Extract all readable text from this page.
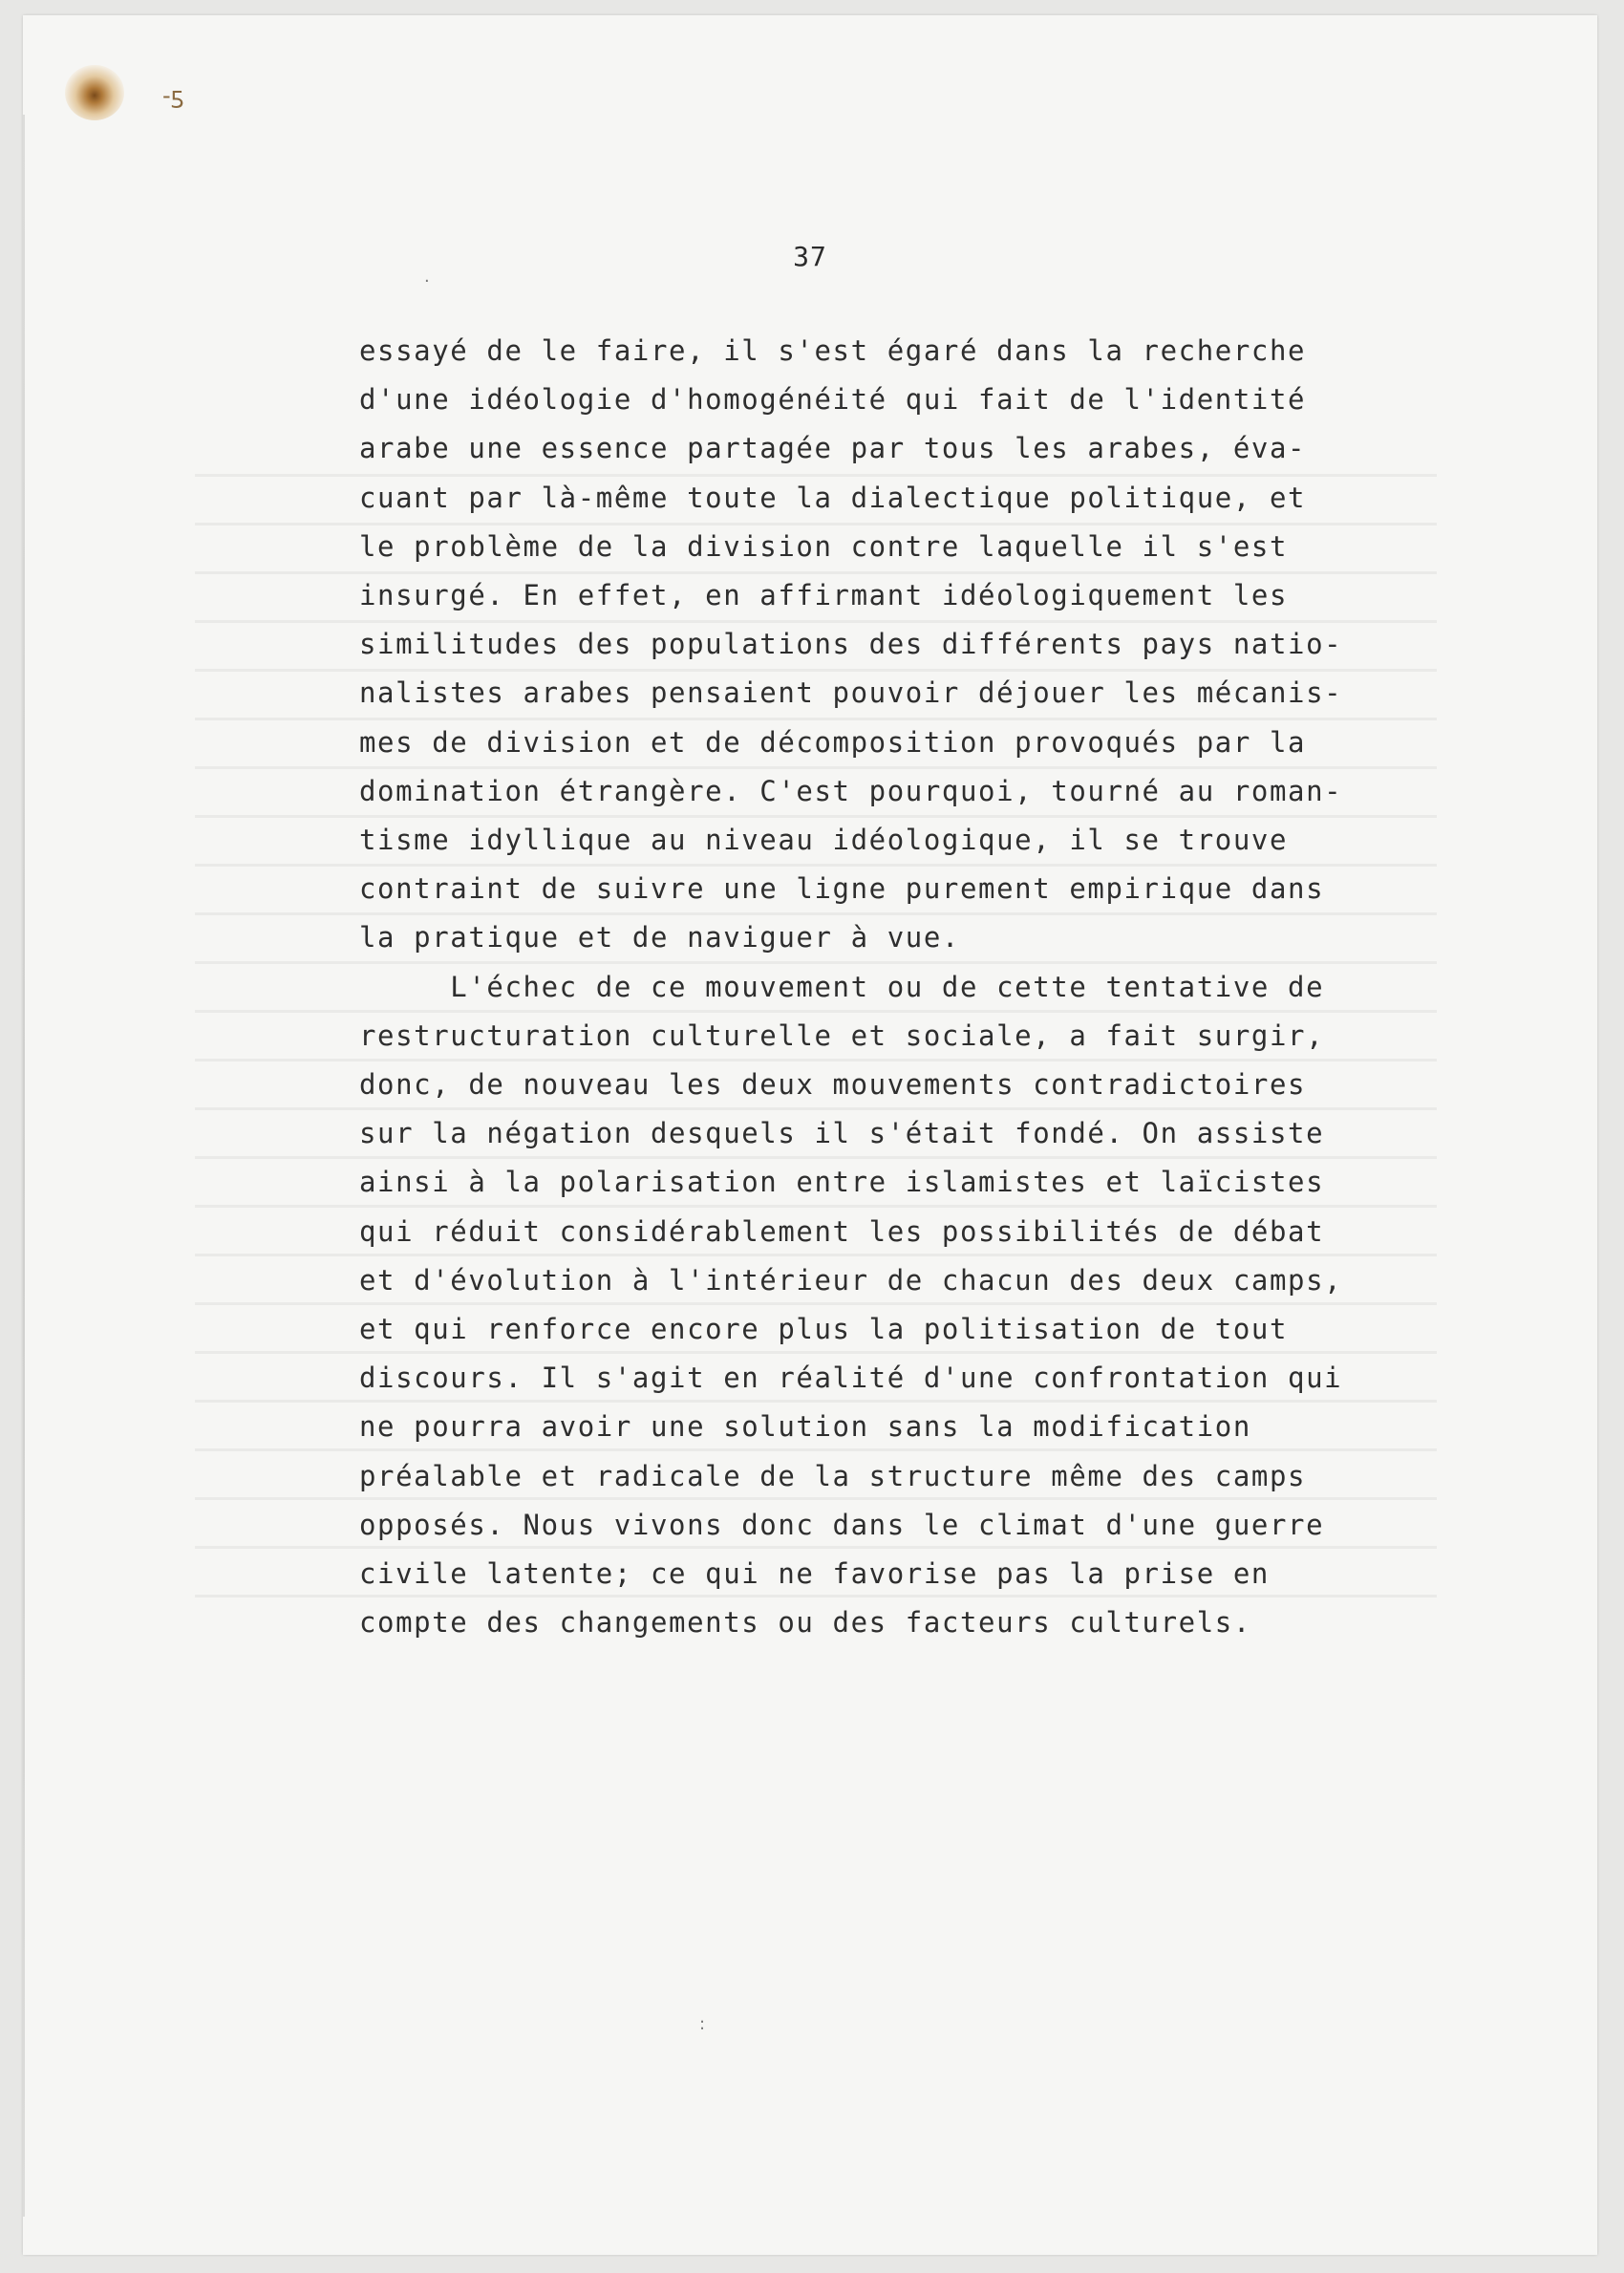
-ƽ
37
essayé de le faire, il s'est égaré dans la recherche
d'une idéologie d'homogénéité qui fait de l'identité
arabe une essence partagée par tous les arabes, éva-
cuant par là-même toute la dialectique politique, et
le problème de la division contre laquelle il s'est
insurgé. En effet, en affirmant idéologiquement les
similitudes des populations des différents pays natio-
nalistes arabes pensaient pouvoir déjouer les mécanis-
mes de division et de décomposition provoqués par la
domination étrangère. C'est pourquoi, tourné au roman-
tisme idyllique au niveau idéologique, il se trouve
contraint de suivre une ligne purement empirique dans
la pratique et de naviguer à vue.
L'échec de ce mouvement ou de cette tentative de
restructuration culturelle et sociale, a fait surgir,
donc, de nouveau les deux mouvements contradictoires
sur la négation desquels il s'était fondé. On assiste
ainsi à la polarisation entre islamistes et laïcistes
qui réduit considérablement les possibilités de débat
et d'évolution à l'intérieur de chacun des deux camps,
et qui renforce encore plus la politisation de tout
discours. Il s'agit en réalité d'une confrontation qui
ne pourra avoir une solution sans la modification
préalable et radicale de la structure même des camps
opposés. Nous vivons donc dans le climat d'une guerre
civile latente; ce qui ne favorise pas la prise en
compte des changements ou des facteurs culturels.
·
:
